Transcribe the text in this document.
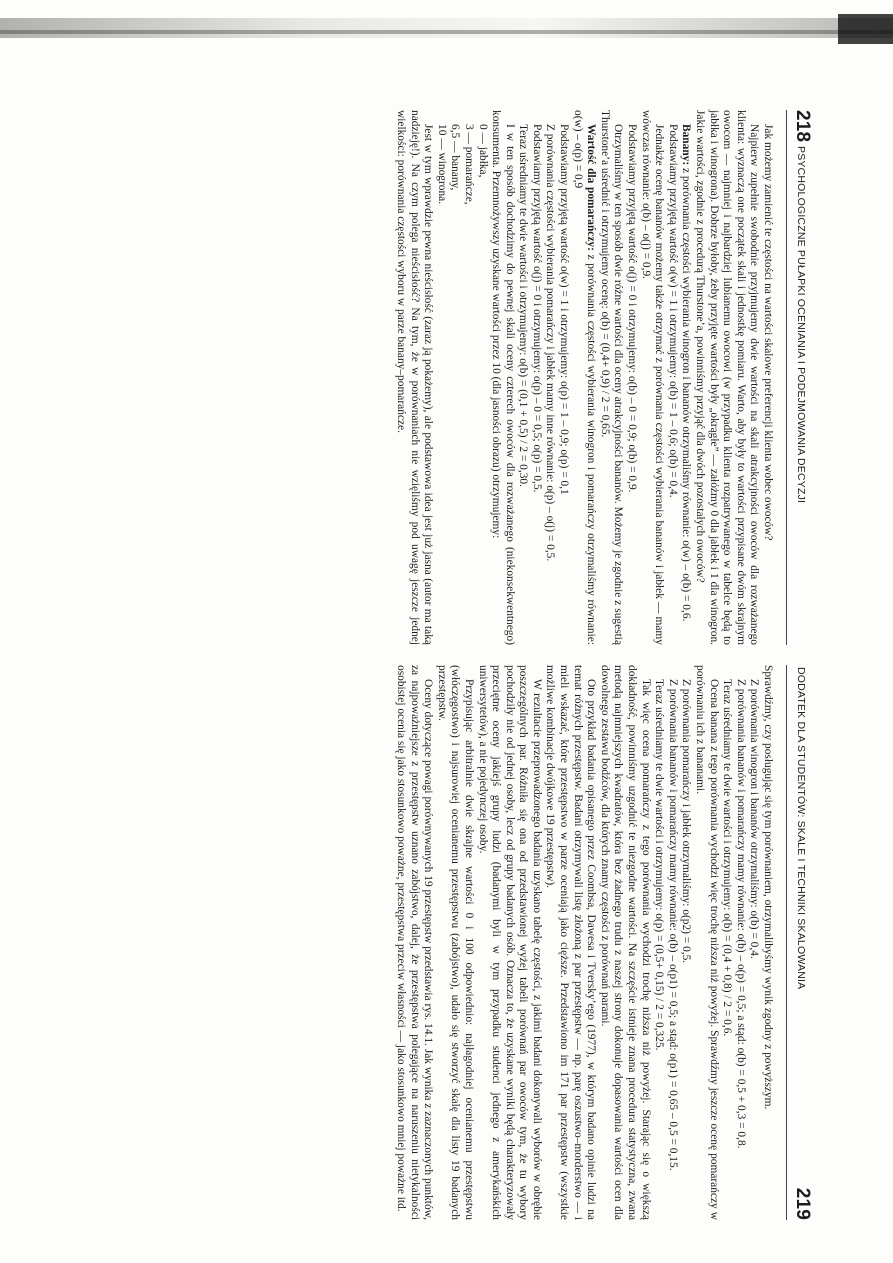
218
PSYCHOLOGICZNE PUŁAPKI OCENIANIA I PODEJMOWANIA DECYZJI

Jak możemy zamienić te częstości na wartości skalowe preferencji klienta wobec owoców?

Najpierw zupełnie swobodnie przyjmujemy dwie wartości na skali atrakcyjności owoców dla rozważanego klienta: wyznaczą one początek skali i jednostkę pomiaru. Warto, aby były to wartości przypisane dwóm skrajnym owocom — najmniej i najbardziej lubianemu owocowi (w przypadku klienta rozpatrywanego w tabelce będą to jabłka i winogrona). Dobrze byłoby, żeby przyjęte wartości były „okrągłe” — załóżmy 0 dla jabłek i 1 dla winogron. Jakie wartości, zgodnie z procedurą Thurstone’a, powinniśmy przyjąć dla dwóch pozostałych owoców?

Banany: z porównania częstości wybierania winogron i bananów otrzymaliśmy równanie: o(w) – o(b) = 0,6.

Podstawiamy przyjętą wartość o(w) = 1 i otrzymujemy: o(b) = 1 – 0,6; o(b) = 0,4.

Jednakże ocenę bananów możemy także otrzymać z porównania częstości wybierania bananów i jabłek — mamy wówczas równanie: o(b) – o(j) = 0,9.

Podstawiamy przyjętą wartość o(j) = 0 i otrzymujemy: o(b) – 0 = 0,9; o(b) = 0,9.

Otrzymaliśmy w ten sposób dwie różne wartości dla oceny atrakcyjności bananów. Możemy je zgodnie z sugestią Thurstone’a uśrednić i otrzymujemy ocenę: o(b) = (0,4+ 0,9) / 2 = 0,65.

Wartość dla pomarańczy: z porównania częstości wybierania winogron i pomarańczy otrzymaliśmy równanie: o(w) – o(p) = 0,9

Podstawiamy przyjętą wartość o(w) = 1 i otrzymujemy: o(p) = 1 – 0,9; o(p) = 0,1

Z porównania częstości wybierania pomarańczy i jabłek mamy inne równanie: o(p) – o(j) = 0,5.

Podstawiamy przyjętą wartość o(j) = 0 i otrzymujemy: o(p) – 0 = 0,5; o(p) = 0,5.

Teraz uśredniamy te dwie wartości i otrzymujemy: o(b) = (0,1 + 0,5) / 2 = 0,30.

I w ten sposób dochodzimy do pewnej skali oceny czterech owoców dla rozważanego (niekonsekwentnego) konsumenta. Przemnożywszy uzyskane wartości przez 10 (dla jasności obrazu) otrzymujemy:

0 — jabłka,
3 — pomarańcze,
6,5 — banany,
10 — winogrona.

Jest w tym wprawdzie pewna nieścisłość (zaraz ją pokażemy), ale podstawowa idea jest już jasna (autor ma taką nadzieję!). Na czym polega nieścisłość? Na tym, że w porównaniach nie wzięliśmy pod uwagę jeszcze jednej wielkości: porównania częstości wyboru w parze banany–pomarańcze.

DODATEK DLA STUDENTÓW: SKALE I TECHNIKI SKALOWANIA
219

Sprawdźmy, czy posługując się tym porównaniem, otrzymalibyśmy wynik zgodny z powyższym.

Z porównania winogron i bananów otrzymaliśmy: o(b) = 0,4.

Z porównania bananów i pomarańczy mamy równanie: o(b) – o(p) = 0,5; a stąd: o(b) = 0,5 + 0,3 = 0,8.

Teraz uśredniamy te dwie wartości i otrzymujemy: o(b) = (0,4 + 0,8) / 2 = 0,6.

Ocena banana z tego porównania wychodzi więc trochę niższa niż powyżej. Sprawdźmy jeszcze ocenę pomarańczy w porównaniu ich z bananami.

Z porównania pomarańczy i jabłek otrzymaliśmy: o(p2) = 0,5.

Z porównania bananów i pomarańczy mamy równanie: o(b) – o(p1) = 0,5; a stąd: o(p1) = 0,65 – 0,5 = 0,15.

Teraz uśredniamy te dwie wartości i otrzymujemy: o(p) = (0,5+ 0,15) / 2 = 0,325.

Tak więc ocena pomarańczy z tego porównania wychodzi trochę niższa niż powyżej. Starając się o większą dokładność, powinniśmy uzgodnić te niezgodne wartości. Na szczęście istnieje znana procedura statystyczna, zwana metodą najmniejszych kwadratów, która bez żadnego trudu z naszej strony dokonuje dopasowania wartości ocen dla dowolnego zestawu bodźców, dla których znamy częstości z porównań parami.

Oto przykład badania opisanego przez Coombsa, Dawesa i Tversky’ego (1977), w którym badano opinie ludzi na temat różnych przestępstw. Badani otrzymywali listę złożoną z par przestępstw — np. parę oszustwo–morderstwo — i mieli wskazać, które przestępstwo w parze oceniają jako cięższe. Przedstawiono im 171 par przestępstw (wszystkie możliwe kombinacje dwójkowe 19 przestępstw).

W rezultacie przeprowadzonego badania uzyskano tabelę częstości, z jakimi badani dokonywali wyborów w obrębie poszczególnych par. Różniła się ona od przedstawionej wyżej tabeli porównań par owoców tym, że tu wybory pochodziły nie od jednej osoby, lecz od grupy badanych osób. Oznacza to, że uzyskane wyniki będą charakteryzowały przeciętne oceny jakiejś grupy ludzi (badanymi byli w tym przypadku studenci jednego z amerykańskich uniwersytetów), a nie pojedynczej osoby.

Przypisując arbitralnie dwie skrajne wartości 0 i 100 odpowiednio: najłagodniej ocenianemu przestępstwu (włóczęgostwo) i najsurowiej ocenianemu przestępstwu (zabójstwo), udało się stworzyć skalę dla listy 19 badanych przestępstw.

Oceny dotyczące powagi porównywanych 19 przestępstw przedstawia rys. 14.1. Jak wynika z zaznaczonych punktów, za najpoważniejsze z przestępstw uznano zabójstwo, dalej, że przestępstwa polegające na naruszeniu nietykalności osobistej ocenia się jako stosunkowo poważne, przestępstwa przeciw własności — jako stosunkowo mniej poważne itd.
